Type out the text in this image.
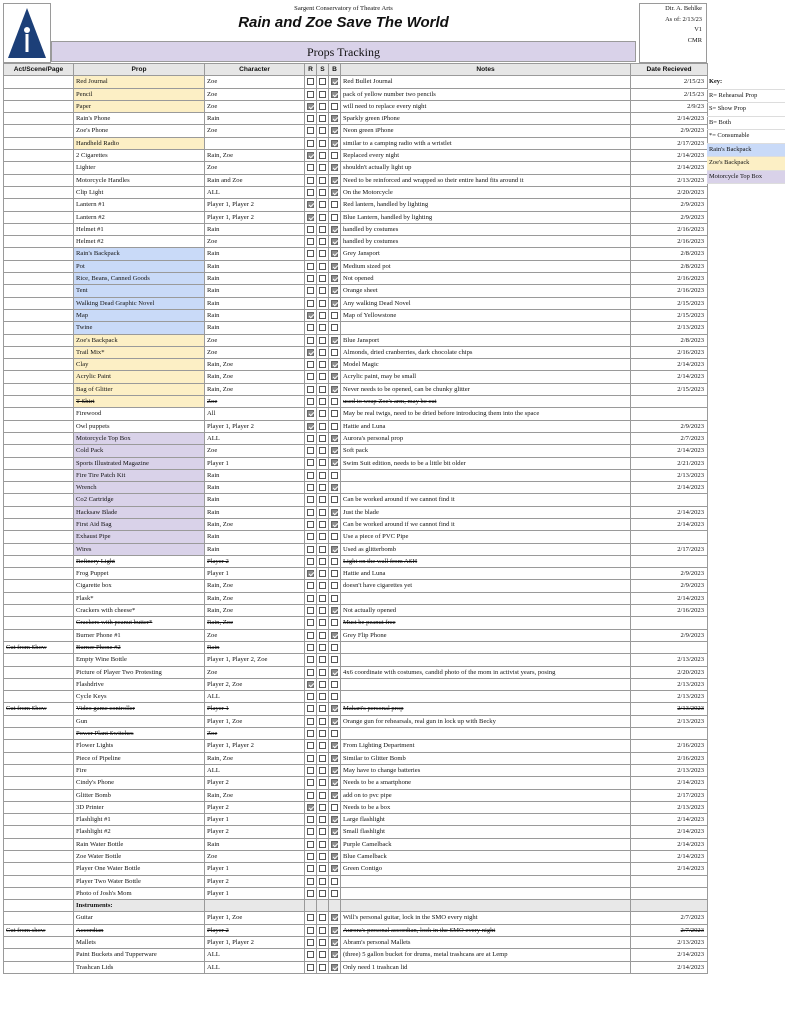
Sargent Conservatory of Theatre Arts
Rain and Zoe Save The World
Props Tracking
Dir. A. Behlke
As of: 2/13/23
V1
CMR
Act/Scene/Page	Prop	Character	R	S	B	Notes	Date Recieved
	Red Journal	Zoe				Red Bullet Journal	2/15/23
	Pencil	Zoe				pack of yellow number two pencils	2/15/23
	Paper	Zoe				will need to replace every night	2/9/23
	Rain's Phone	Rain				Sparkly green iPhone	2/14/2023
	Zoe's Phone	Zoe				Neon green iPhone	2/9/2023
	Handheld Radio					similar to a camping radio with a wristlet	2/17/2023
	2 Cigarettes	Rain, Zoe				Replaced every night	2/14/2023
	Lighter	Zoe				shouldn't actually light up	2/14/2023
	Motorcycle Handles	Rain and Zoe				Need to be reinforced and wrapped so their entire hand fits around it	2/13/2023
	Clip Light	ALL				On the Motorcycle	2/20/2023
	Lantern #1	Player 1, Player 2				Red lantern, handled by lighting	2/9/2023
	Lantern #2	Player 1, Player 2				Blue Lantern, handled by lighting	2/9/2023
	Helmet #1	Rain				handled by costumes	2/16/2023
	Helmet #2	Zoe				handled by costumes	2/16/2023
	Rain's Backpack	Rain				Grey Jansport	2/8/2023
	Pot	Rain				Medium sized pot	2/8/2023
	Rice, Beans, Canned Goods	Rain				Not opened	2/16/2023
	Tent	Rain				Orange sheet	2/16/2023
	Walking Dead Graphic Novel	Rain				Any walking Dead Novel	2/15/2023
	Map	Rain				Map of Yellowstone	2/15/2023
	Twine	Rain					2/13/2023
	Zoe's Backpack	Zoe				Blue Jansport	2/8/2023
	Trail Mix*	Zoe				Almonds, dried cranberries, dark chocolate chips	2/16/2023
	Clay	Rain, Zoe				Model Magic	2/14/2023
	Acrylic Paint	Rain, Zoe				Acrylic paint, may be small	2/14/2023
	Bag of Glitter	Rain, Zoe				Never needs to be opened, can be chunky glitter	2/15/2023
	T-Shirt	Zoe				used to wrap Zoe's arm, may be cut	
	Firewood	All				May be real twigs, need to be dried before introducing them into the space	
	Owl puppets	Player 1, Player 2				Hattie and Luna	2/9/2023
	Motorcycle Top Box	ALL				Aurora's personal prop	2/7/2023
	Cold Pack	Zoe				Soft pack	2/14/2023
	Sports Illustrated Magazine	Player 1				Swim Suit edition, needs to be a little bit older	2/21/2023
	Fire Tire Patch Kit	Rain					2/13/2023
	Wrench	Rain					2/14/2023
	Co2 Cartridge	Rain				Can be worked around if we cannot find it	
	Hacksaw Blade	Rain				Just the blade	2/14/2023
	First Aid Bag	Rain, Zoe				Can be worked around if we cannot find it	2/14/2023
	Exhaust Pipe	Rain				Use a piece of PVC Pipe	
	Wires	Rain				Used as glitterbomb	2/17/2023
	Refinery Light	Player 2				Light on the wall from ASH	
	Frog Puppet	Player 1				Hattie and Luna	2/9/2023
	Cigarette box	Rain, Zoe				doesn't have cigarettes yet	2/9/2023
	Flask*	Rain, Zoe					2/14/2023
	Crackers with cheese*	Rain, Zoe				Not actually opened	2/16/2023
	Crackers with peanut butter*	Rain, Zoe				Must be peanut free	
	Burner Phone #1	Zoe				Grey Flip Phone	2/9/2023
Cut from Show	Burner Phone #2	Rain					
	Empty Wine Bottle	Player 1, Player 2, Zoe					2/13/2023
	Picture of Player Two Protesting	Zoe				4x6 coordinate with costumes, candid photo of the mom in activist years, posing	2/20/2023
	Flashdrive	Player 2, Zoe					2/13/2023
	Cycle Keys	ALL					2/13/2023
Cut from Show	Video game controller	Player 1				Makari's personal prop	2/13/2023
	Gun	Player 1, Zoe				Orange gun for rehearsals, real gun in lock up with Becky	2/13/2023
	Power Plant Switches	Zoe					
	Flower Lights	Player 1, Player 2				From Lighting Department	2/16/2023
	Piece of Pipeline	Rain, Zoe				Similar to Glitter Bomb	2/16/2023
	Fire	ALL				May have to change batteries	2/13/2023
	Cindy's Phone	Player 2				Needs to be a smartphone	2/14/2023
	Glitter Bomb	Rain, Zoe				add on to pvc pipe	2/17/2023
	3D Printer	Player 2				Needs to be a box	2/13/2023
	Flashlight #1	Player 1				Large flashlight	2/14/2023
	Flashlight #2	Player 2				Small flashlight	2/14/2023
	Rain Water Bottle	Rain				Purple Camelback	2/14/2023
	Zoe Water Bottle	Zoe				Blue Camelback	2/14/2023
	Player One Water Bottle	Player 1				Green Contigo	2/14/2023
	Player Two Water Bottle	Player 2					
	Photo of Josh's Mom	Player 1					
	Instruments:						
	Guitar	Player 1, Zoe				Will's personal guitar, lock in the SMO every night	2/7/2023
Cut from show	Accordian	Player 2				Aurora's personal accordian, lock in the SMO every night	2/7/2023
	Mallets	Player 1, Player 2				Abram's personal Mallets	2/13/2023
	Paint Buckets and Tupperware	ALL				(three) 5 gallon bucket for drums, metal trashcans are at Lemp	2/14/2023
	Trashcan Lids	ALL				Only need 1 trashcan lid	2/14/2023
Key:
R= Rehearsal Prop
S= Show Prop
B= Both
*= Consumable
Rain's Backpack
Zoe's Backpack
Motorcycle Top Box
